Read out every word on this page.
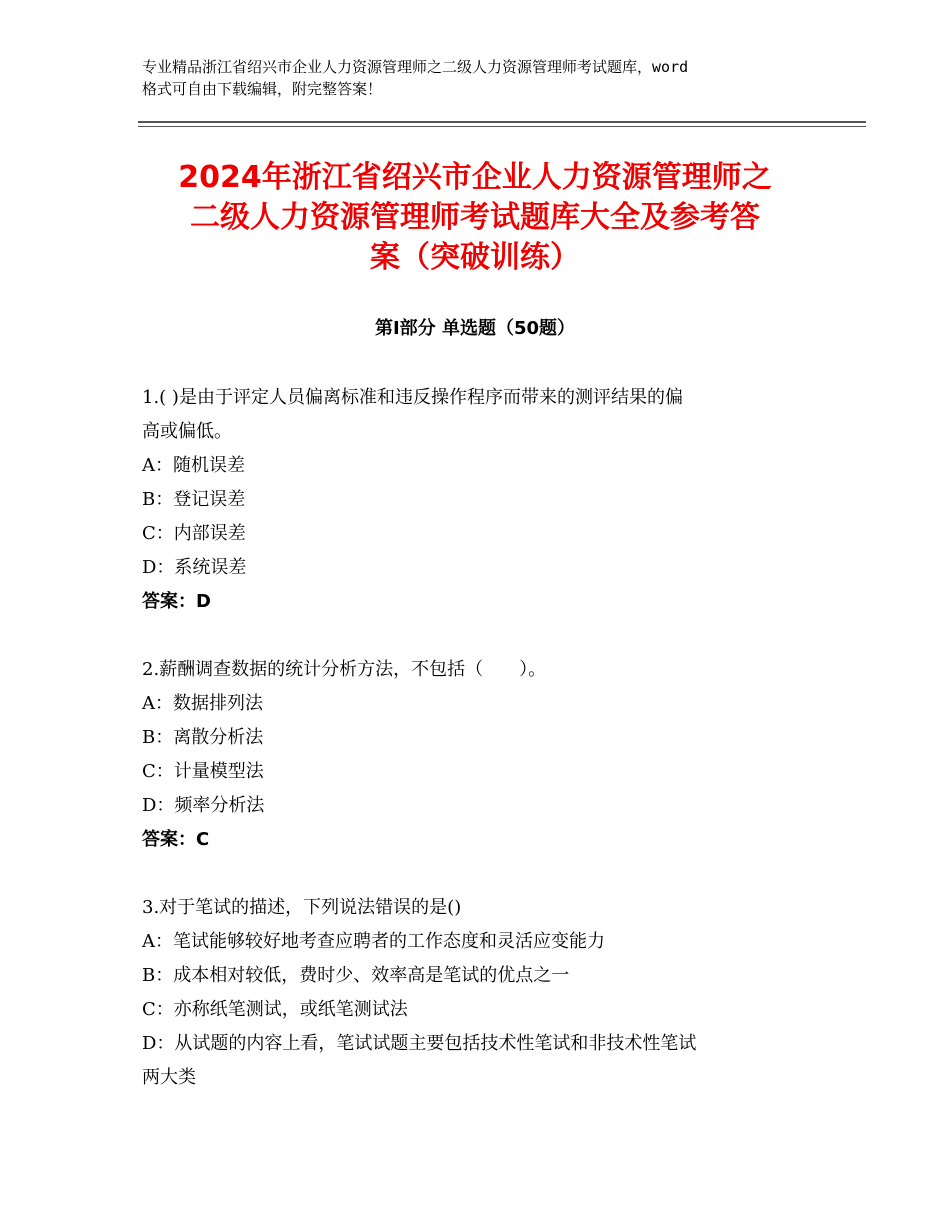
专业精品浙江省绍兴市企业人力资源管理师之二级人力资源管理师考试题库，word
格式可自由下载编辑，附完整答案！
2024年浙江省绍兴市企业人力资源管理师之
二级人力资源管理师考试题库大全及参考答
案（突破训练）
第Ⅰ部分 单选题（50题）
1.( )是由于评定人员偏离标准和违反操作程序而带来的测评结果的偏
高或偏低。
A：随机误差
B：登记误差
C：内部误差
D：系统误差
答案：D
2.薪酬调查数据的统计分析方法，不包括（　　）。
A：数据排列法
B：离散分析法
C：计量模型法
D：频率分析法
答案：C
3.对于笔试的描述，下列说法错误的是()
A：笔试能够较好地考查应聘者的工作态度和灵活应变能力
B：成本相对较低，费时少、效率高是笔试的优点之一
C：亦称纸笔测试，或纸笔测试法
D：从试题的内容上看，笔试试题主要包括技术性笔试和非技术性笔试
两大类
